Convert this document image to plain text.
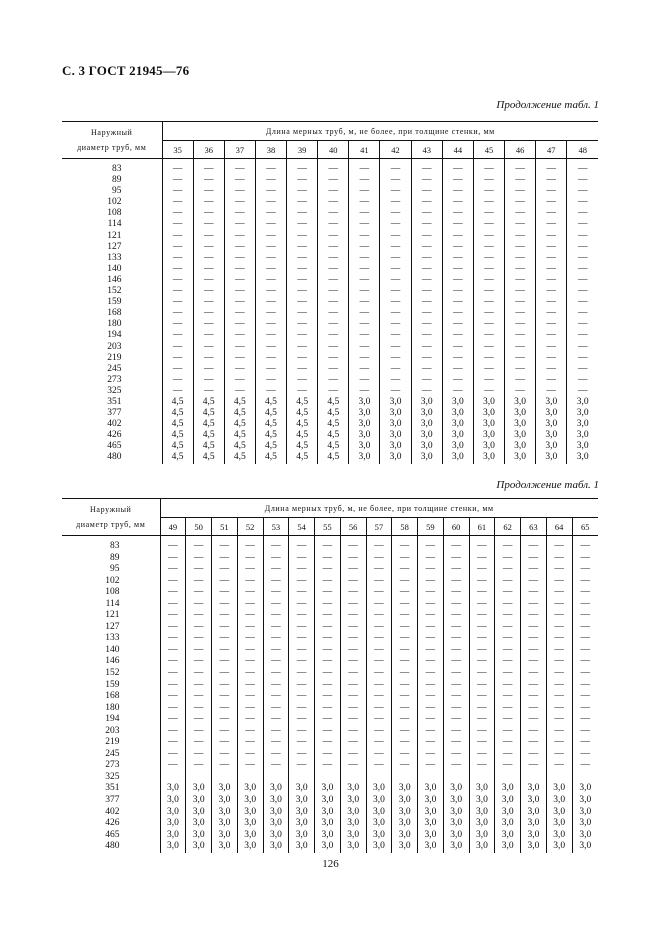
С. 3 ГОСТ 21945—76
Продолжение табл. 1
Наружный
диаметр труб, мм	Длина мерных труб, м, не более, при толщине стенки, мм													
	35	36	37	38	39	40	41	42	43	44	45	46	47	48
83	—	—	—	—	—	—	—	—	—	—	—	—	—	—
89	—	—	—	—	—	—	—	—	—	—	—	—	—	—
95	—	—	—	—	—	—	—	—	—	—	—	—	—	—
102	—	—	—	—	—	—	—	—	—	—	—	—	—	—
108	—	—	—	—	—	—	—	—	—	—	—	—	—	—
114	—	—	—	—	—	—	—	—	—	—	—	—	—	—
121	—	—	—	—	—	—	—	—	—	—	—	—	—	—
127	—	—	—	—	—	—	—	—	—	—	—	—	—	—
133	—	—	—	—	—	—	—	—	—	—	—	—	—	—
140	—	—	—	—	—	—	—	—	—	—	—	—	—	—
146	—	—	—	—	—	—	—	—	—	—	—	—	—	—
152	—	—	—	—	—	—	—	—	—	—	—	—	—	—
159	—	—	—	—	—	—	—	—	—	—	—	—	—	—
168	—	—	—	—	—	—	—	—	—	—	—	—	—	—
180	—	—	—	—	—	—	—	—	—	—	—	—	—	—
194	—	—	—	—	—	—	—	—	—	—	—	—	—	—
203	—	—	—	—	—	—	—	—	—	—	—	—	—	—
219	—	—	—	—	—	—	—	—	—	—	—	—	—	—
245	—	—	—	—	—	—	—	—	—	—	—	—	—	—
273	—	—	—	—	—	—	—	—	—	—	—	—	—	—
325	—	—	—	—	—	—	—	—	—	—	—	—	—	—
351	4,5	4,5	4,5	4,5	4,5	4,5	3,0	3,0	3,0	3,0	3,0	3,0	3,0	3,0
377	4,5	4,5	4,5	4,5	4,5	4,5	3,0	3,0	3,0	3,0	3,0	3,0	3,0	3,0
402	4,5	4,5	4,5	4,5	4,5	4,5	3,0	3,0	3,0	3,0	3,0	3,0	3,0	3,0
426	4,5	4,5	4,5	4,5	4,5	4,5	3,0	3,0	3,0	3,0	3,0	3,0	3,0	3,0
465	4,5	4,5	4,5	4,5	4,5	4,5	3,0	3,0	3,0	3,0	3,0	3,0	3,0	3,0
480	4,5	4,5	4,5	4,5	4,5	4,5	3,0	3,0	3,0	3,0	3,0	3,0	3,0	3,0
Продолжение табл. 1
Наружный
диаметр труб, мм	Длина мерных труб, м, не более, при толщине стенки, мм																
	49	50	51	52	53	54	55	56	57	58	59	60	61	62	63	64	65
83	—	—	—	—	—	—	—	—	—	—	—	—	—	—	—	—	—
89	—	—	—	—	—	—	—	—	—	—	—	—	—	—	—	—	—
95	—	—	—	—	—	—	—	—	—	—	—	—	—	—	—	—	—
102	—	—	—	—	—	—	—	—	—	—	—	—	—	—	—	—	—
108	—	—	—	—	—	—	—	—	—	—	—	—	—	—	—	—	—
114	—	—	—	—	—	—	—	—	—	—	—	—	—	—	—	—	—
121	—	—	—	—	—	—	—	—	—	—	—	—	—	—	—	—	—
127	—	—	—	—	—	—	—	—	—	—	—	—	—	—	—	—	—
133	—	—	—	—	—	—	—	—	—	—	—	—	—	—	—	—	—
140	—	—	—	—	—	—	—	—	—	—	—	—	—	—	—	—	—
146	—	—	—	—	—	—	—	—	—	—	—	—	—	—	—	—	—
152	—	—	—	—	—	—	—	—	—	—	—	—	—	—	—	—	—
159	—	—	—	—	—	—	—	—	—	—	—	—	—	—	—	—	—
168	—	—	—	—	—	—	—	—	—	—	—	—	—	—	—	—	—
180	—	—	—	—	—	—	—	—	—	—	—	—	—	—	—	—	—
194	—	—	—	—	—	—	—	—	—	—	—	—	—	—	—	—	—
203	—	—	—	—	—	—	—	—	—	—	—	—	—	—	—	—	—
219	—	—	—	—	—	—	—	—	—	—	—	—	—	—	—	—	—
245	—	—	—	—	—	—	—	—	—	—	—	—	—	—	—	—	—
273	—	—	—	—	—	—	—	—	—	—	—	—	—	—	—	—	—
325																	
351	3,0	3,0	3,0	3,0	3,0	3,0	3,0	3,0	3,0	3,0	3,0	3,0	3,0	3,0	3,0	3,0	3,0
377	3,0	3,0	3,0	3,0	3,0	3,0	3,0	3,0	3,0	3,0	3,0	3,0	3,0	3,0	3,0	3,0	3,0
402	3,0	3,0	3,0	3,0	3,0	3,0	3,0	3,0	3,0	3,0	3,0	3,0	3,0	3,0	3,0	3,0	3,0
426	3,0	3,0	3,0	3,0	3,0	3,0	3,0	3,0	3,0	3,0	3,0	3,0	3,0	3,0	3,0	3,0	3,0
465	3,0	3,0	3,0	3,0	3,0	3,0	3,0	3,0	3,0	3,0	3,0	3,0	3,0	3,0	3,0	3,0	3,0
480	3,0	3,0	3,0	3,0	3,0	3,0	3,0	3,0	3,0	3,0	3,0	3,0	3,0	3,0	3,0	3,0	3,0
126
